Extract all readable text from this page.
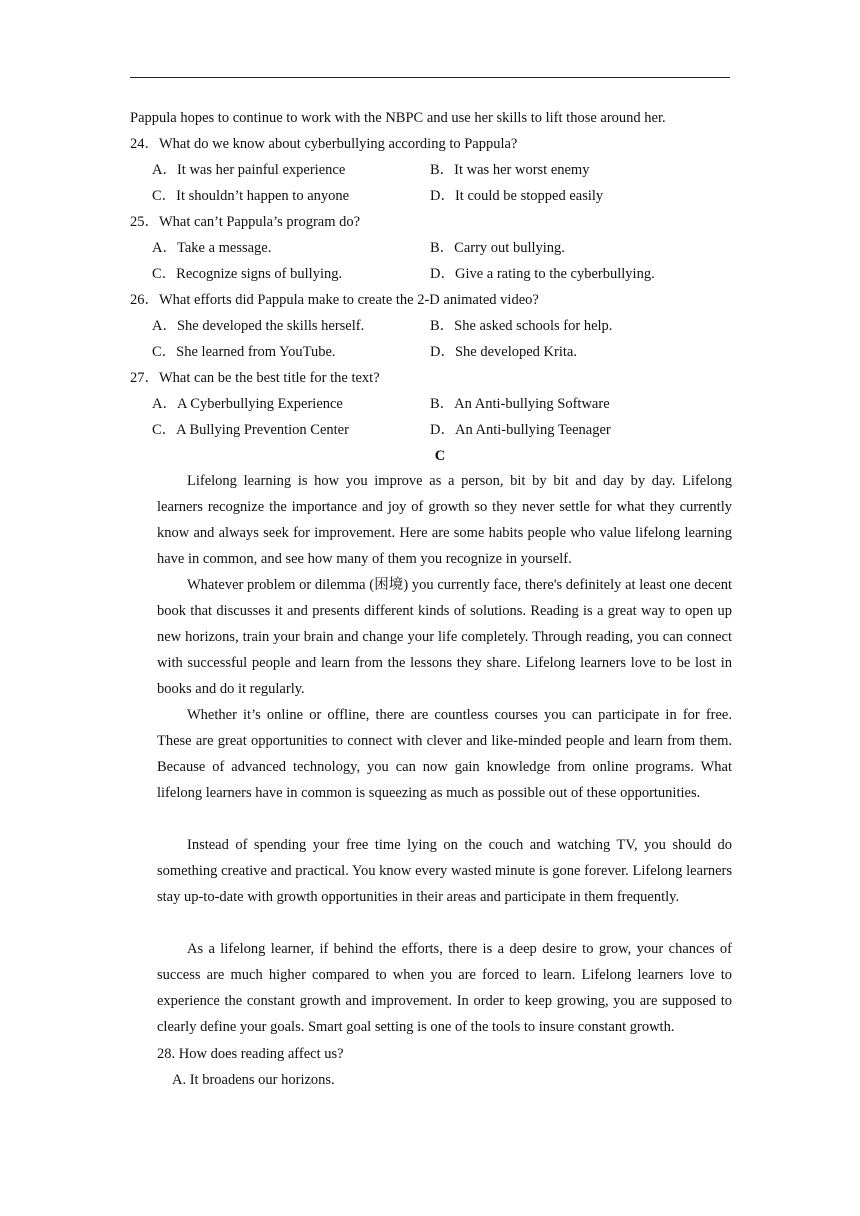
Pappula hopes to continue to work with the NBPC and use her skills to lift those around her.
24．What do we know about cyberbullying according to Pappula?
A．It was her painful experience	B．It was her worst enemy
C．It shouldn’t happen to anyone	D．It could be stopped easily
25．What can’t Pappula’s program do?
A．Take a message.	B．Carry out bullying.
C．Recognize signs of bullying.	D．Give a rating to the cyberbullying.
26．What efforts did Pappula make to create the 2-D animated video?
A．She developed the skills herself.	B．She asked schools for help.
C．She learned from YouTube.	D．She developed Krita.
27．What can be the best title for the text?
A．A Cyberbullying Experience	B．An Anti-bullying Software
C．A Bullying Prevention Center	D．An Anti-bullying Teenager
C
Lifelong learning is how you improve as a person, bit by bit and day by day. Lifelong learners recognize the importance and joy of growth so they never settle for what they currently know and always seek for improvement. Here are some habits people who value lifelong learning have in common, and see how many of them you recognize in yourself.
Whatever problem or dilemma (困境) you currently face, there's definitely at least one decent book that discusses it and presents different kinds of solutions. Reading is a great way to open up new horizons, train your brain and change your life completely. Through reading, you can connect with successful people and learn from the lessons they share. Lifelong learners love to be lost in books and do it regularly.
Whether it’s online or offline, there are countless courses you can participate in for free. These are great opportunities to connect with clever and like-minded people and learn from them. Because of advanced technology, you can now gain knowledge from online programs. What lifelong learners have in common is squeezing as much as possible out of these opportunities.
Instead of spending your free time lying on the couch and watching TV, you should do something creative and practical. You know every wasted minute is gone forever. Lifelong learners stay up-to-date with growth opportunities in their areas and participate in them frequently.
As a lifelong learner, if behind the efforts, there is a deep desire to grow, your chances of success are much higher compared to when you are forced to learn. Lifelong learners love to experience the constant growth and improvement. In order to keep growing, you are supposed to clearly define your goals. Smart goal setting is one of the tools to insure constant growth.
28. How does reading affect us?
A. It broadens our horizons.
